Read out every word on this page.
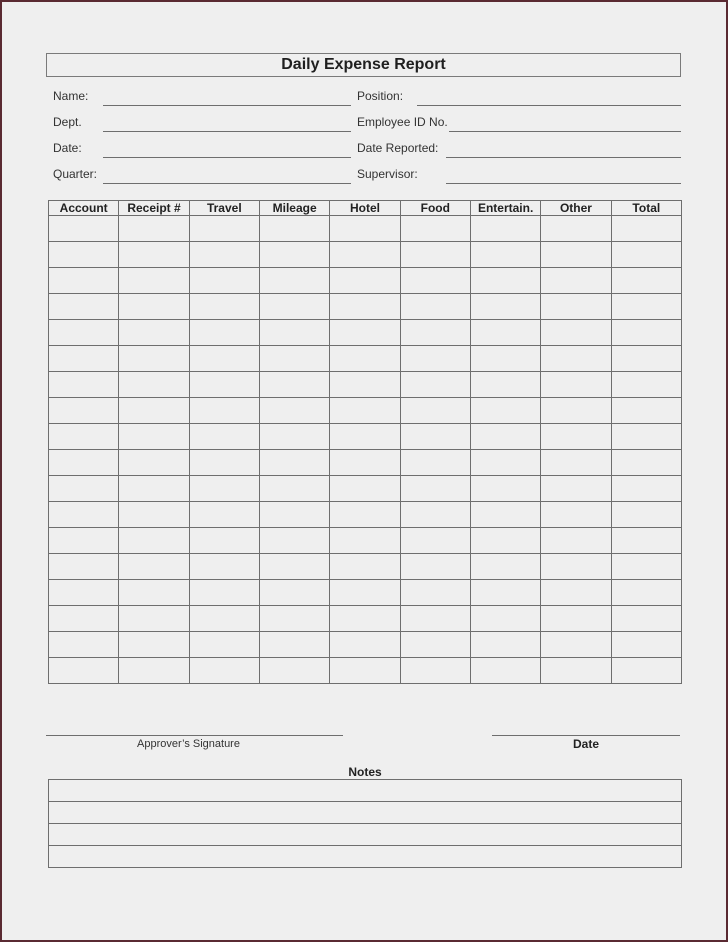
Daily Expense Report
Name:
Dept.
Date:
Quarter:
Position:
Employee ID No.
Date Reported:
Supervisor:
Account	Receipt #	Travel	Mileage	Hotel	Food	Entertain.	Other	Total

Approver’s Signature	Date
Notes
